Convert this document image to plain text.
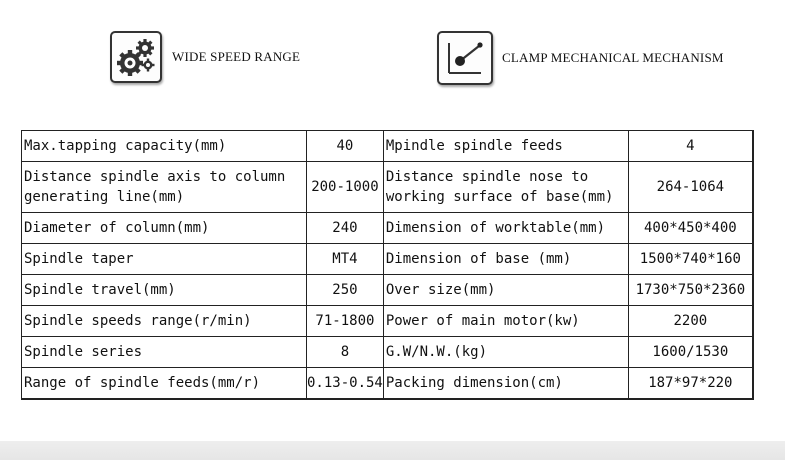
WIDE SPEED RANGE	CLAMP MECHANICAL MECHANISM
Max.tapping capacity(mm)	40	Mpindle spindle feeds	4
Distance spindle axis to column
generating line(mm)	200-1000	Distance spindle nose to
working surface of base(mm)	264-1064
Diameter of column(mm)	240	Dimension of worktable(mm)	400*450*400
Spindle taper	MT4	Dimension of base (mm)	1500*740*160
Spindle travel(mm)	250	Over size(mm)	1730*750*2360
Spindle speeds range(r/min)	71-1800	Power of main motor(kw)	2200
Spindle series	8	G.W/N.W.(kg)	1600/1530
Range of spindle feeds(mm/r)	0.13-0.54	Packing dimension(cm)	187*97*220
